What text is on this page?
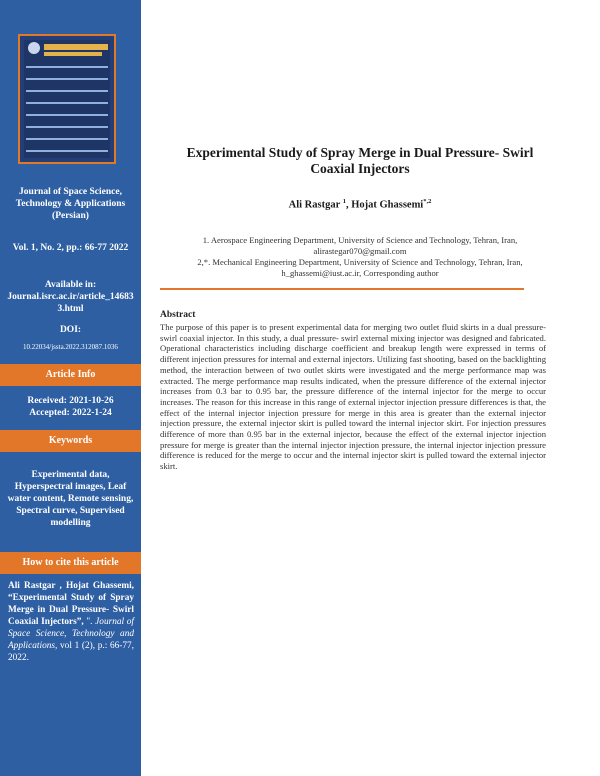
Journal of Space Science, Technology & Applications (Persian)
Vol. 1, No. 2, pp.: 66-77 2022
Available in:
Journal.isrc.ac.ir/article_146833.html
DOI:
10.22034/jssta.2022.312087.1036
Article Info
Received: 2021-10-26
Accepted: 2022-1-24
Keywords
Experimental data, Hyperspectral images, Leaf water content, Remote sensing, Spectral curve, Supervised modelling
Ali Rastgar , Hojat Ghassemi, “Experimental Study of Spray Merge in Dual Pressure- Swirl Coaxial Injectors”, ". Journal of Space Science, Technology and Applications, vol 1 (2), p.: 66-77, 2022.
How to cite this article
Experimental Study of Spray Merge in Dual Pressure- Swirl Coaxial Injectors
Ali Rastgar $^1$, Hojat Ghassemi$^{*,2}$
1. Aerospace Engineering Department, University of Science and Technology, Tehran, Iran,
alirastegar070@gmail.com
2,*. Mechanical Engineering Department, University of Science and Technology, Tehran, Iran,
h_ghassemi@iust.ac.ir, Corresponding author
Abstract
The purpose of this paper is to present experimental data for merging two outlet fluid skirts in a dual pressure- swirl coaxial injector. In this study, a dual pressure- swirl external mixing injector was designed and fabricated. Operational characteristics including discharge coefficient and breakup length were expressed in terms of different injection pressures for internal and external injectors. Utilizing fast shooting, based on the backlighting method, the interaction between of two outlet skirts were investigated and the merge performance map was extracted. The merge performance map results indicated, when the pressure difference of the external injector increases from 0.3 bar to 0.95 bar, the pressure difference of the internal injector for the merge to occur increases. The reason for this increase in this range of external injector injection pressure differences is that, the effect of the internal injector injection pressure for merge in this area is greater than the external injector injection pressure, the external injector skirt is pulled toward the internal injector skirt. For injection pressures difference of more than 0.95 bar in the external injector, because the effect of the external injector injection pressure for merge is greater than the internal injector injection pressure, the internal injector injection pressure difference is reduced for the merge to occur and the internal injector skirt is pulled toward the external injector skirt.
